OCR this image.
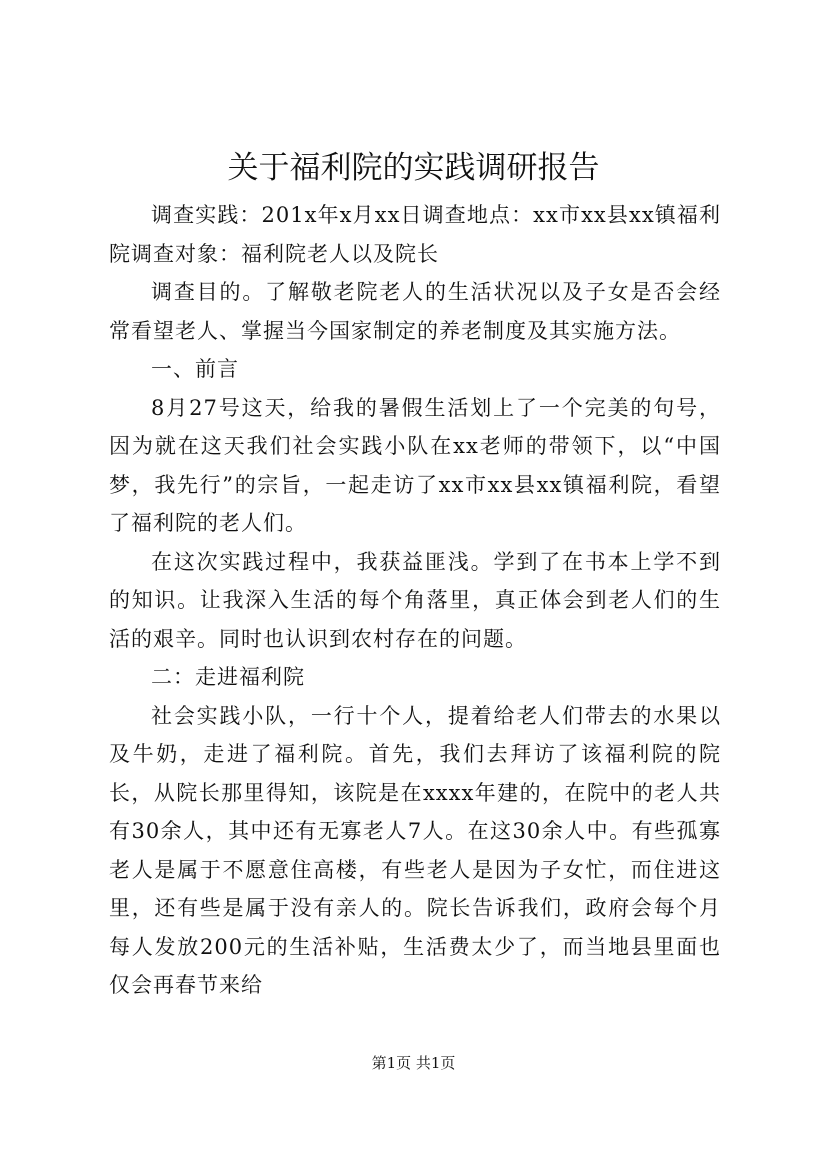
关于福利院的实践调研报告

调查实践：201x年x月xx日调查地点：xx市xx县xx镇福利院调查对象：福利院老人以及院长

调查目的。了解敬老院老人的生活状况以及子女是否会经常看望老人、掌握当今国家制定的养老制度及其实施方法。

一、前言

8月27号这天，给我的暑假生活划上了一个完美的句号，因为就在这天我们社会实践小队在xx老师的带领下，以“中国梦，我先行”的宗旨，一起走访了xx市xx县xx镇福利院，看望了福利院的老人们。

在这次实践过程中，我获益匪浅。学到了在书本上学不到的知识。让我深入生活的每个角落里，真正体会到老人们的生活的艰辛。同时也认识到农村存在的问题。

二：走进福利院

社会实践小队，一行十个人，提着给老人们带去的水果以及牛奶，走进了福利院。首先，我们去拜访了该福利院的院长，从院长那里得知，该院是在xxxx年建的，在院中的老人共有30余人，其中还有无寡老人7人。在这30余人中。有些孤寡老人是属于不愿意住高楼，有些老人是因为子女忙，而住进这里，还有些是属于没有亲人的。院长告诉我们，政府会每个月每人发放200元的生活补贴，生活费太少了，而当地县里面也仅会再春节来给

第1页 共1页
